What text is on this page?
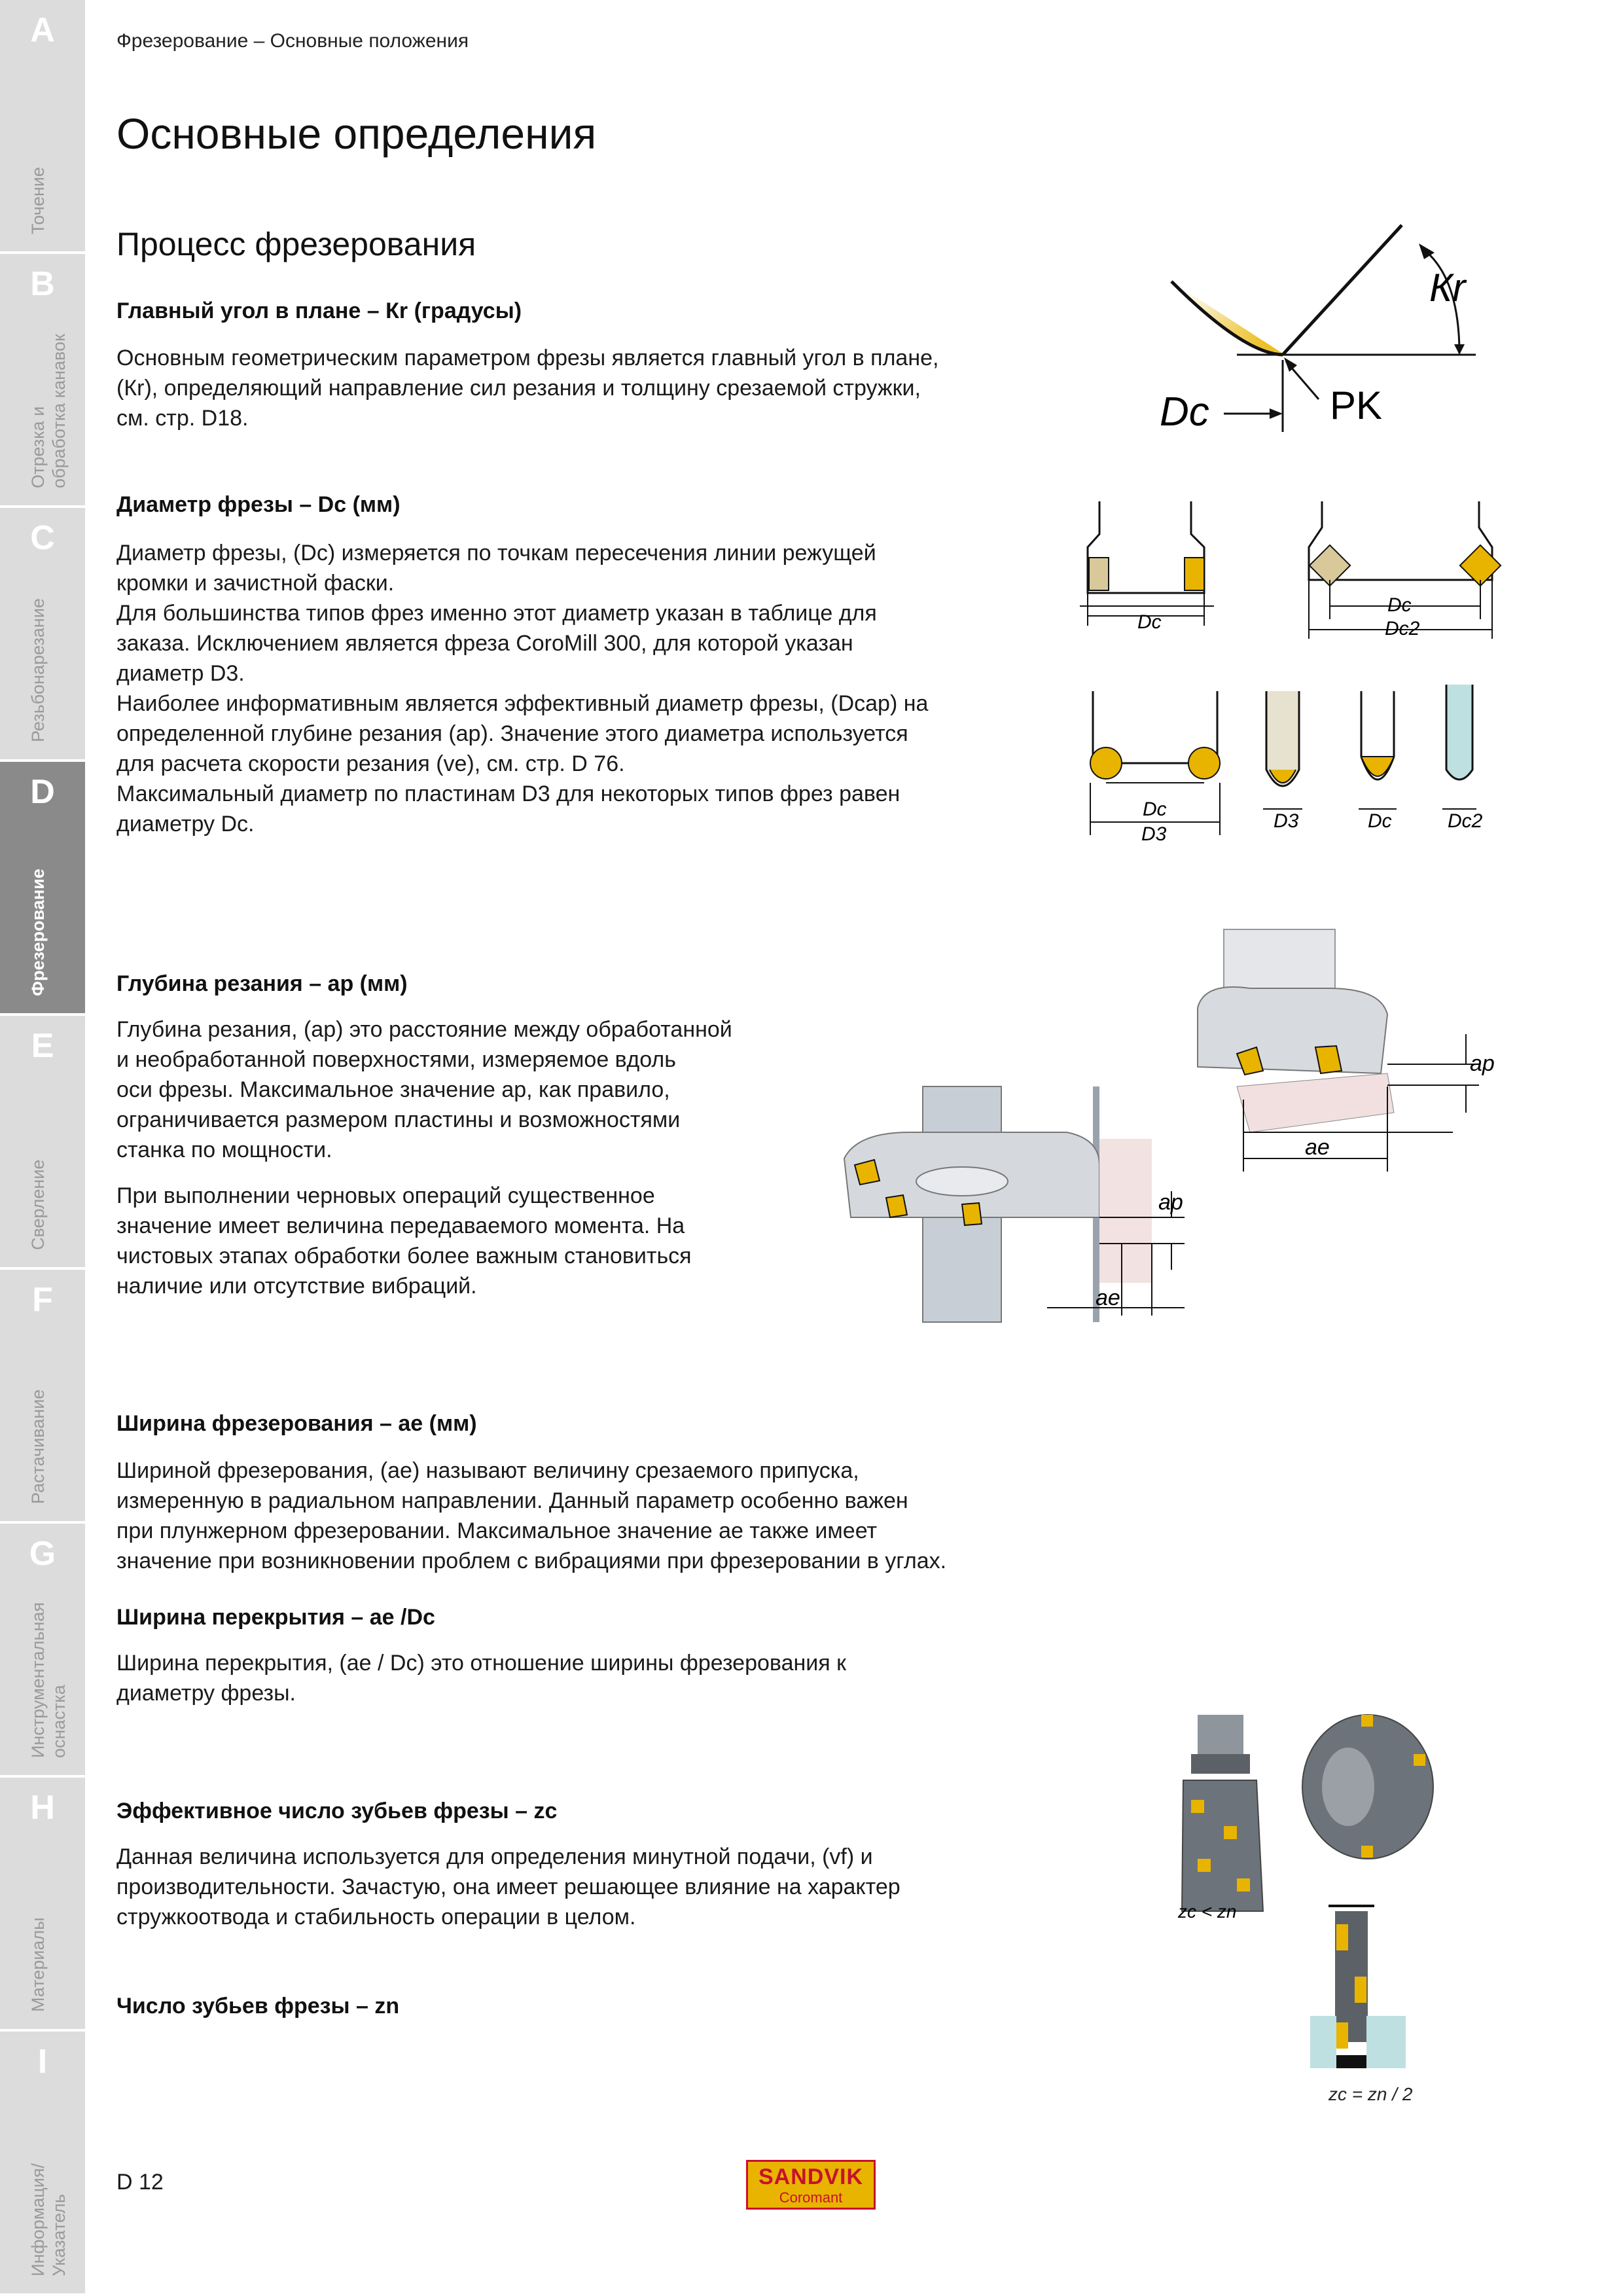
A
Точение
B
Отрезка и
обработка канавок
C
Резьбонарезание
D
Фрезерование
E
Сверление
F
Растачивание
G
Инструментальная
оснастка
H
Материалы
I
Информация/
Указатель
Фрезерование – Основные положения
Основные определения
Процесс фрезерования
Главный угол в плане – Кr (градусы)
Основным геометрическим параметром фрезы является главный угол в плане,
(Кr), определяющий направление сил резания и толщину срезаемой стружки,
см. стр. D18.
Кr
Dc	PK
Диаметр фрезы – Dc (мм)
Диаметр фрезы, (Dc) измеряется по точкам пересечения линии режущей
кромки и зачистной фаски.
Для большинства типов фрез именно этот диаметр указан в таблице для
заказа. Исключением является фреза CoroMill 300, для которой указан
диаметр D3.
Наиболее информативным является эффективный диаметр фрезы, (Dcap) на
определенной глубине резания (ap). Значение этого диаметра используется
для расчета скорости резания (ve), см. стр. D 76.
Максимальный диаметр по пластинам D3 для некоторых типов фрез равен
диаметру Dc.
Dc
Dc
Dc2
Dc
D3
D3	Dc	Dc2
Глубина резания – ap (мм)
Глубина резания, (ap) это расстояние между обработанной
и необработанной поверхностями, измеряемое вдоль
оси фрезы. Максимальное значение ap, как правило,
ограничивается размером пластины и возможностями
станка по мощности.
При выполнении черновых операций существенное
значение имеет величина передаваемого момента. На
чистовых этапах обработки более важным становиться
наличие или отсутствие вибраций.
ap
ae
ap
ae
Ширина фрезерования – ae (мм)
Шириной фрезерования, (ae) называют величину срезаемого припуска,
измеренную в радиальном направлении. Данный параметр особенно важен
при плунжерном фрезеровании. Максимальное значение ae также имеет
значение при возникновении проблем с вибрациями при фрезеровании в углах.
Ширина перекрытия – ae /Dc
Ширина перекрытия, (ae / Dc) это отношение ширины фрезерования к
диаметру фрезы.
Эффективное число зубьев фрезы – zc
Данная величина используется для определения минутной подачи, (vf) и
производительности. Зачастую, она имеет решающее влияние на характер
стружкоотвода и стабильность операции в целом.
Число зубьев фрезы – zn
zc < zn
zc = zn / 2
D 12	SANDVIK
Coromant
